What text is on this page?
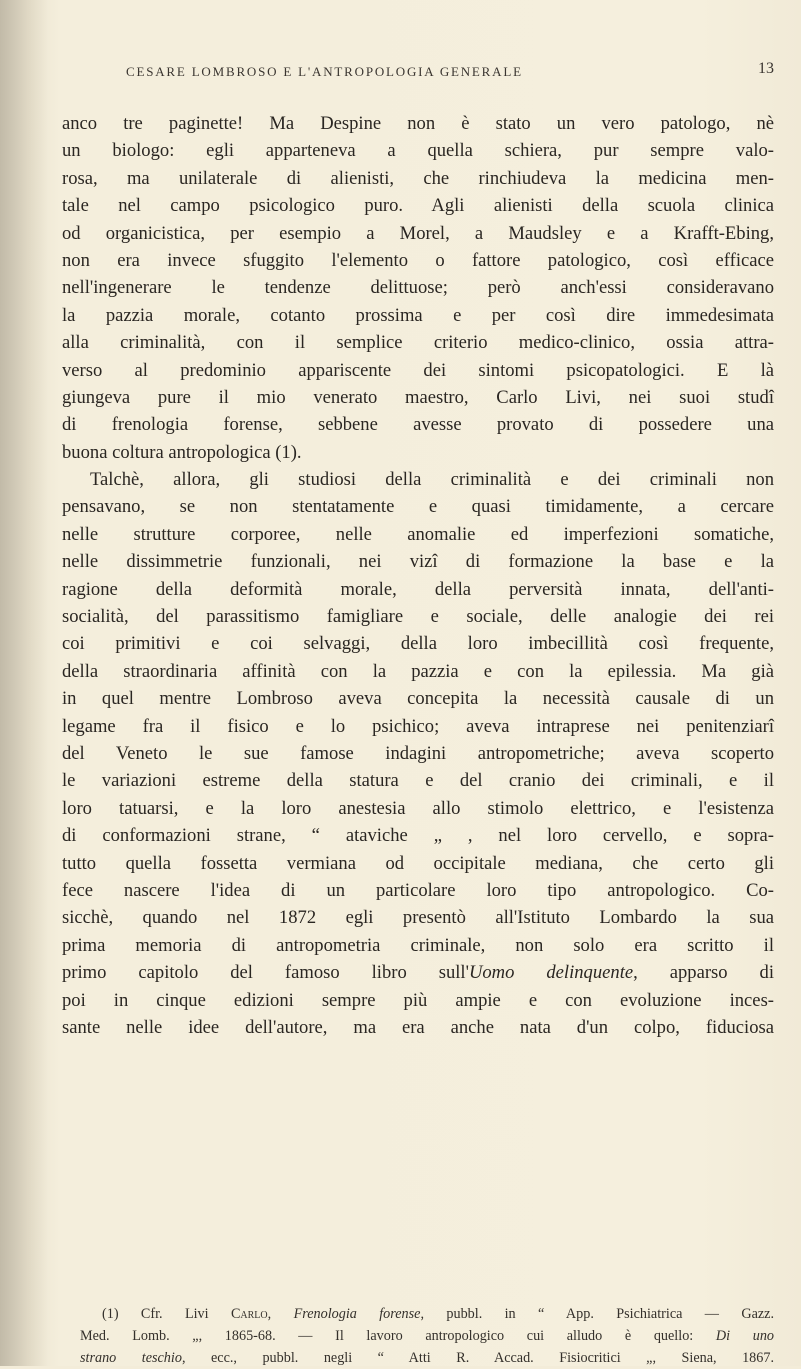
CESARE LOMBROSO E L'ANTROPOLOGIA GENERALE	13
anco tre paginette! Ma Despine non è stato un vero patologo, nè
un biologo: egli apparteneva a quella schiera, pur sempre valo-
rosa, ma unilaterale di alienisti, che rinchiudeva la medicina men-
tale nel campo psicologico puro. Agli alienisti della scuola clinica
od organicistica, per esempio a Morel, a Maudsley e a Krafft-Ebing,
non era invece sfuggito l'elemento o fattore patologico, così efficace
nell'ingenerare le tendenze delittuose; però anch'essi consideravano
la pazzia morale, cotanto prossima e per così dire immedesimata
alla criminalità, con il semplice criterio medico-clinico, ossia attra-
verso al predominio appariscente dei sintomi psicopatologici. E là
giungeva pure il mio venerato maestro, Carlo Livi, nei suoi studî
di frenologia forense, sebbene avesse provato di possedere una
buona coltura antropologica (1).
Talchè, allora, gli studiosi della criminalità e dei criminali non
pensavano, se non stentatamente e quasi timidamente, a cercare
nelle strutture corporee, nelle anomalie ed imperfezioni somatiche,
nelle dissimmetrie funzionali, nei vizî di formazione la base e la
ragione della deformità morale, della perversità innata, dell'anti-
socialità, del parassitismo famigliare e sociale, delle analogie dei rei
coi primitivi e coi selvaggi, della loro imbecillità così frequente,
della straordinaria affinità con la pazzia e con la epilessia. Ma già
in quel mentre Lombroso aveva concepita la necessità causale di un
legame fra il fisico e lo psichico; aveva intraprese nei penitenziarî
del Veneto le sue famose indagini antropometriche; aveva scoperto
le variazioni estreme della statura e del cranio dei criminali, e il
loro tatuarsi, e la loro anestesia allo stimolo elettrico, e l'esistenza
di conformazioni strane, “ ataviche „ , nel loro cervello, e sopra-
tutto quella fossetta vermiana od occipitale mediana, che certo gli
fece nascere l'idea di un particolare loro tipo antropologico. Co-
sicchè, quando nel 1872 egli presentò all'Istituto Lombardo la sua
prima memoria di antropometria criminale, non solo era scritto il
primo capitolo del famoso libro sull'Uomo delinquente, apparso di
poi in cinque edizioni sempre più ampie e con evoluzione inces-
sante nelle idee dell'autore, ma era anche nata d'un colpo, fiduciosa
(1) Cfr. Livi Carlo, Frenologia forense, pubbl. in “ App. Psichiatrica — Gazz.
Med. Lomb. „, 1865-68. — Il lavoro antropologico cui alludo è quello: Di uno
strano teschio, ecc., pubbl. negli “ Atti R. Accad. Fisiocritici „, Siena, 1867.
